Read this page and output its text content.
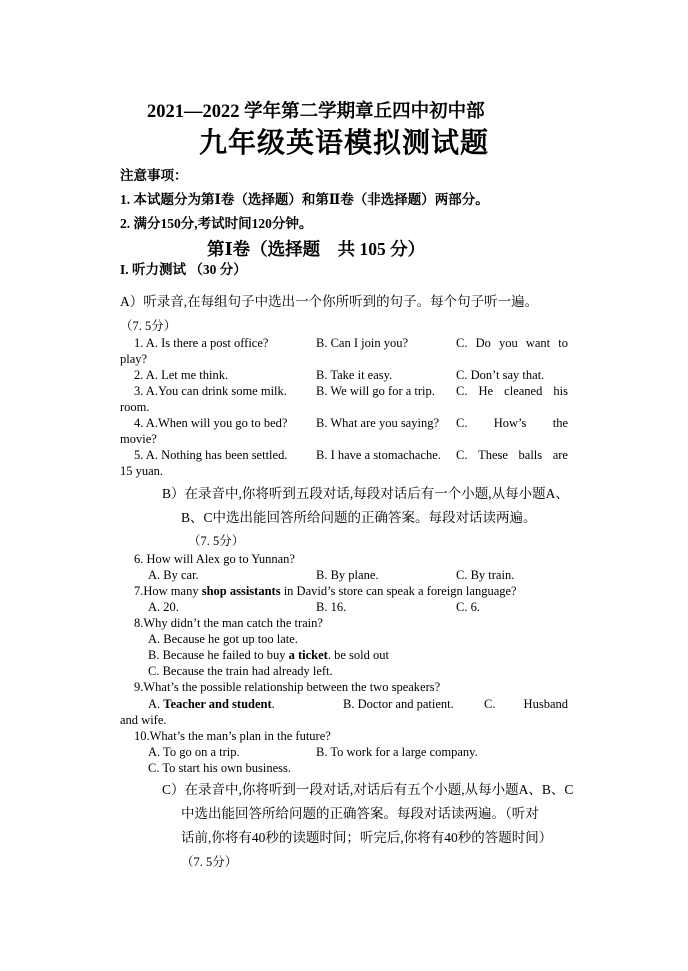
2021—2022 学年第二学期章丘四中初中部
九年级英语模拟测试题
注意事项：
1. 本试题分为第Ⅰ卷（选择题）和第Ⅱ卷（非选择题）两部分。
2. 满分150分,考试时间120分钟。
第Ⅰ卷（选择题　共 105 分）
I. 听力测试 （30 分）
A）听录音,在每组句子中选出一个你所听到的句子。每个句子听一遍。
（7. 5分）
1. A. Is there a post office?	B. Can I join you?	C. Do you want to
play?
2. A. Let me think.	B. Take it easy.	C. Don’t say that.
3. A.You can drink some milk. B. We will go for a trip. C. He cleaned his
room.
4. A.When will you go to bed? B. What are you saying? C. How’s the
movie?
5. A. Nothing has been settled. B. I have a stomachache. C. These balls are
15 yuan.
B）在录音中,你将听到五段对话,每段对话后有一个小题,从每小题A、
B、C中选出能回答所给问题的正确答案。每段对话读两遍。
（7. 5分）
6. How will Alex go to Yunnan?
A. By car.	B. By plane.	C. By train.
7.How many shop assistants in David’s store can speak a foreign language?
A. 20.	B. 16.	C. 6.
8.Why didn’t the man catch the train?
A. Because he got up too late.
B. Because he failed to buy a ticket. be sold out
C. Because the train had already left.
9.What’s the possible relationship between the two speakers?
A. Teacher and student.	B. Doctor and patient. C. Husband
and wife.
10.What’s the man’s plan in the future?
A. To go on a trip.	B. To work for a large company.
C. To start his own business.
C）在录音中,你将听到一段对话,对话后有五个小题,从每小题A、B、C
中选出能回答所给问题的正确答案。每段对话读两遍。（听对
话前,你将有40秒的读题时间；听完后,你将有40秒的答题时间）
（7. 5分）
